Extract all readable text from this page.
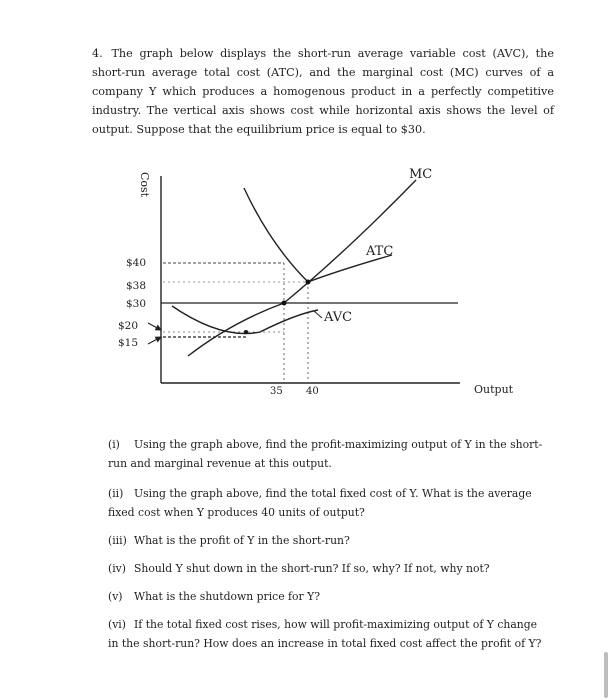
4. The graph below displays the short-run average variable cost (AVC), the short-run average total cost (ATC), and the marginal cost (MC) curves of a company Y which produces a homogenous product in a perfectly competitive industry. The vertical axis shows cost while horizontal axis shows the level of output. Suppose that the equilibrium price is equal to $30.

Cost
Output
$40
$38
$30
$20
$15
35 40
MC
ATC
AVC

(i) Using the graph above, find the profit-maximizing output of Y in the short-run and marginal revenue at this output.

(ii) Using the graph above, find the total fixed cost of Y. What is the average fixed cost when Y produces 40 units of output?

(iii) What is the profit of Y in the short-run?

(iv) Should Y shut down in the short-run? If so, why? If not, why not?

(v) What is the shutdown price for Y?

(vi) If the total fixed cost rises, how will profit-maximizing output of Y change in the short-run? How does an increase in total fixed cost affect the profit of Y?
